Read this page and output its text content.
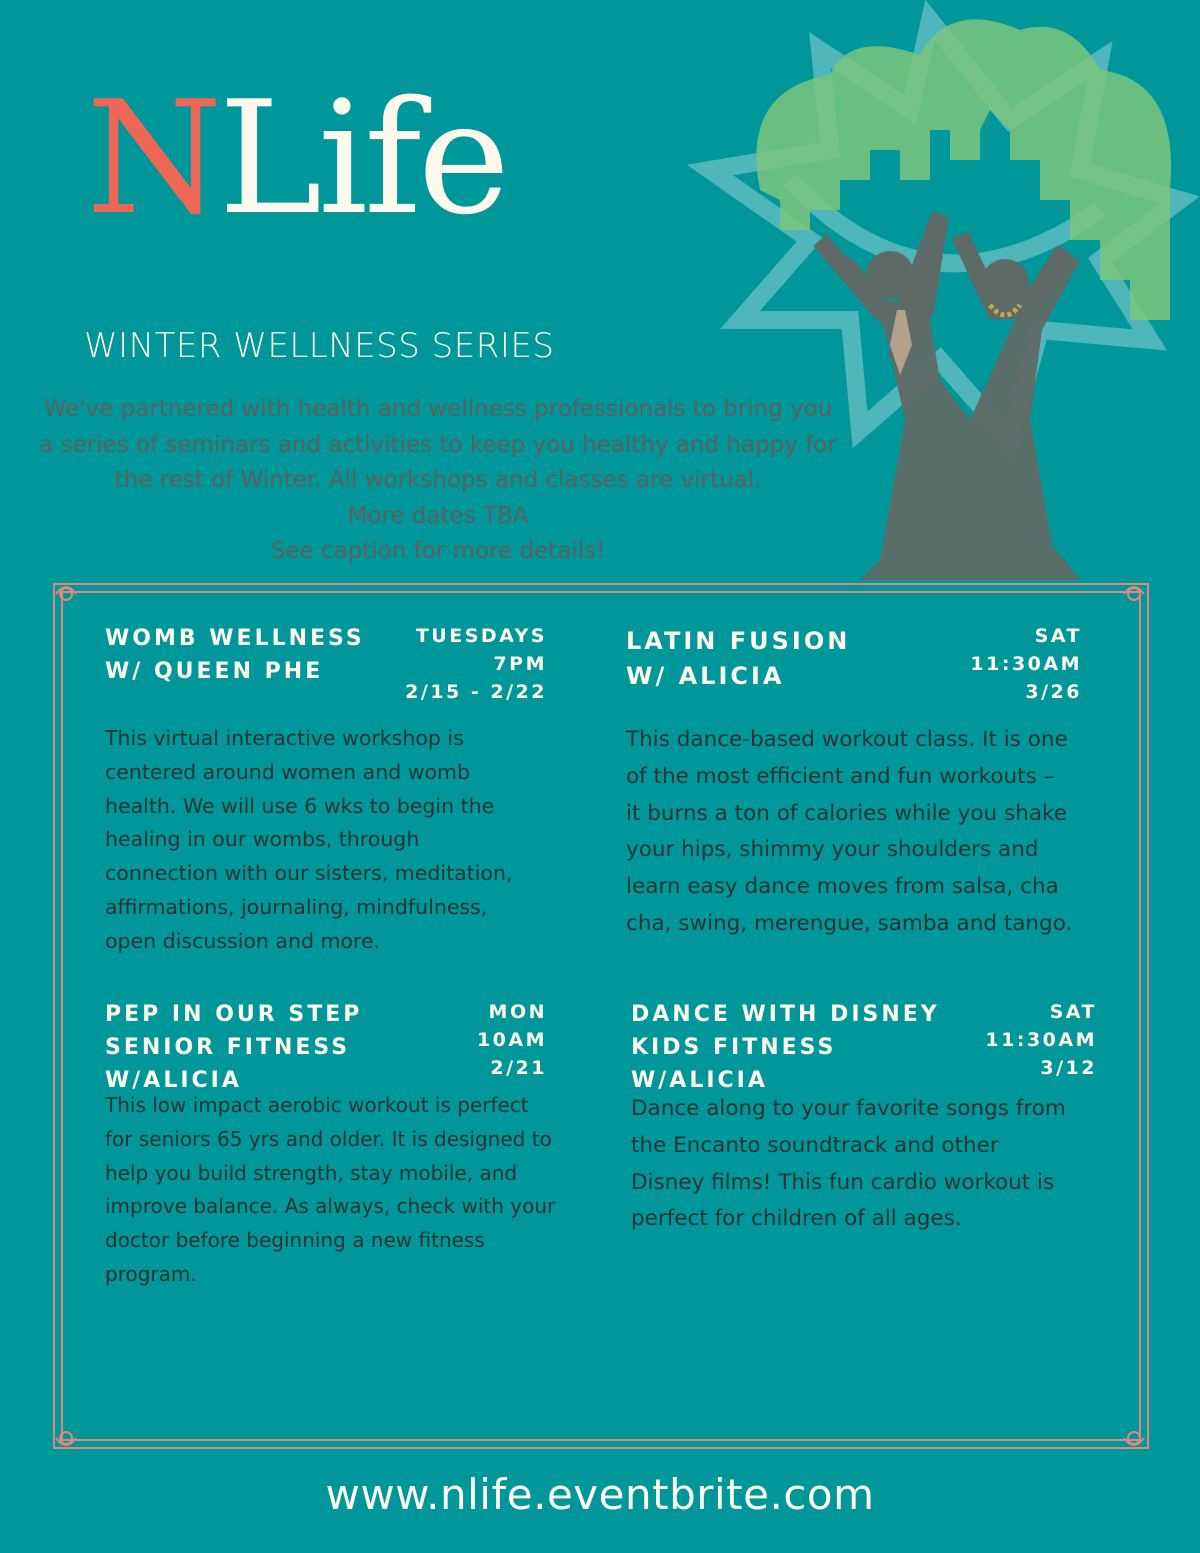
NLife
WINTER WELLNESS SERIES
We've partnered with health and wellness professionals to bring you
a series of seminars and activities to keep you healthy and happy for
the rest of Winter. All workshops and classes are virtual.
More dates TBA
See caption for more details!
WOMB WELLNESS
W/ QUEEN PHE
TUESDAYS
7PM
2/15 - 2/22
This virtual interactive workshop is
centered around women and womb
health. We will use 6 wks to begin the
healing in our wombs, through
connection with our sisters, meditation,
affirmations, journaling, mindfulness,
open discussion and more.
LATIN FUSION
W/ ALICIA
SAT
11:30AM
3/26
This dance-based workout class. It is one
of the most efficient and fun workouts –
it burns a ton of calories while you shake
your hips, shimmy your shoulders and
learn easy dance moves from salsa, cha
cha, swing, merengue, samba and tango.
PEP IN OUR STEP
SENIOR FITNESS
W/ALICIA
MON
10AM
2/21
This low impact aerobic workout is perfect
for seniors 65 yrs and older. It is designed to
help you build strength, stay mobile, and
improve balance. As always, check with your
doctor before beginning a new fitness
program.
DANCE WITH DISNEY
KIDS FITNESS
W/ALICIA
SAT
11:30AM
3/12
Dance along to your favorite songs from
the Encanto soundtrack and other
Disney films! This fun cardio workout is
perfect for children of all ages.
www.nlife.eventbrite.com
